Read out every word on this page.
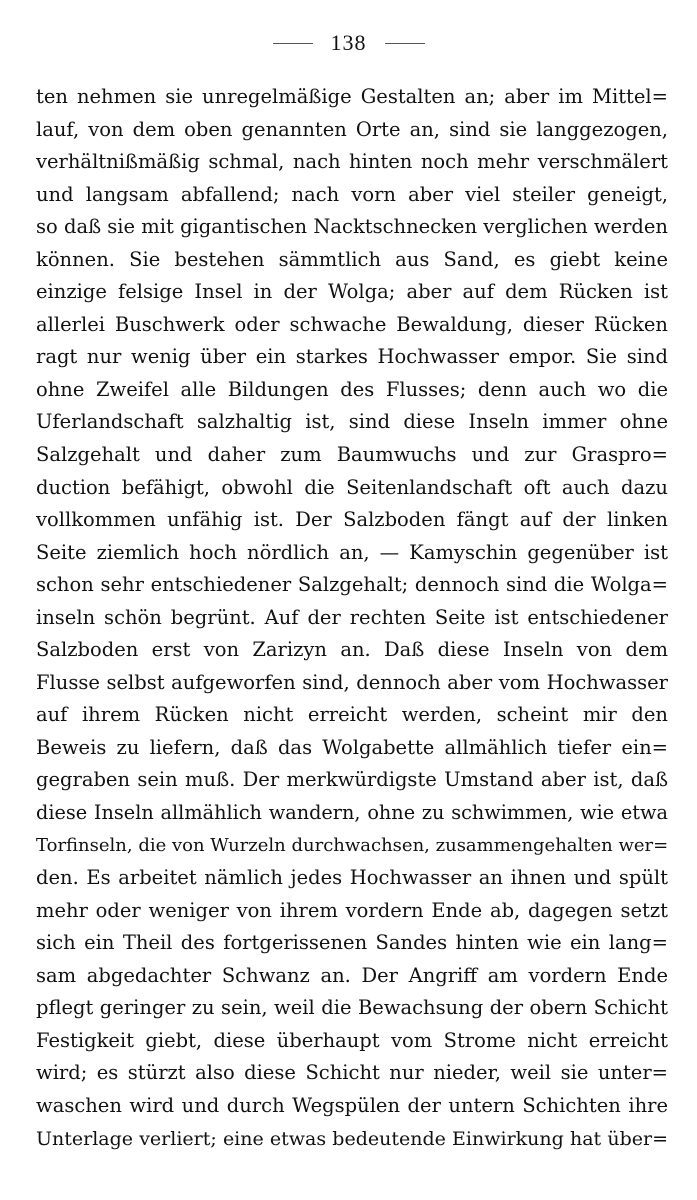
138
ten nehmen sie unregelmäßige Gestalten an; aber im Mittel=
lauf, von dem oben genannten Orte an, sind sie langgezogen,
verhältnißmäßig schmal, nach hinten noch mehr verschmälert
und langsam abfallend; nach vorn aber viel steiler geneigt,
so daß sie mit gigantischen Nacktschnecken verglichen werden
können. Sie bestehen sämmtlich aus Sand, es giebt keine
einzige felsige Insel in der Wolga; aber auf dem Rücken ist
allerlei Buschwerk oder schwache Bewaldung, dieser Rücken
ragt nur wenig über ein starkes Hochwasser empor. Sie sind
ohne Zweifel alle Bildungen des Flusses; denn auch wo die
Uferlandschaft salzhaltig ist, sind diese Inseln immer ohne
Salzgehalt und daher zum Baumwuchs und zur Graspro=
duction befähigt, obwohl die Seitenlandschaft oft auch dazu
vollkommen unfähig ist. Der Salzboden fängt auf der linken
Seite ziemlich hoch nördlich an, — Kamyschin gegenüber ist
schon sehr entschiedener Salzgehalt; dennoch sind die Wolga=
inseln schön begrünt. Auf der rechten Seite ist entschiedener
Salzboden erst von Zarizyn an. Daß diese Inseln von dem
Flusse selbst aufgeworfen sind, dennoch aber vom Hochwasser
auf ihrem Rücken nicht erreicht werden, scheint mir den
Beweis zu liefern, daß das Wolgabette allmählich tiefer ein=
gegraben sein muß. Der merkwürdigste Umstand aber ist, daß
diese Inseln allmählich wandern, ohne zu schwimmen, wie etwa
Torfinseln, die von Wurzeln durchwachsen, zusammengehalten wer=
den. Es arbeitet nämlich jedes Hochwasser an ihnen und spült
mehr oder weniger von ihrem vordern Ende ab, dagegen setzt
sich ein Theil des fortgerissenen Sandes hinten wie ein lang=
sam abgedachter Schwanz an. Der Angriff am vordern Ende
pflegt geringer zu sein, weil die Bewachsung der obern Schicht
Festigkeit giebt, diese überhaupt vom Strome nicht erreicht
wird; es stürzt also diese Schicht nur nieder, weil sie unter=
waschen wird und durch Wegspülen der untern Schichten ihre
Unterlage verliert; eine etwas bedeutende Einwirkung hat über=
